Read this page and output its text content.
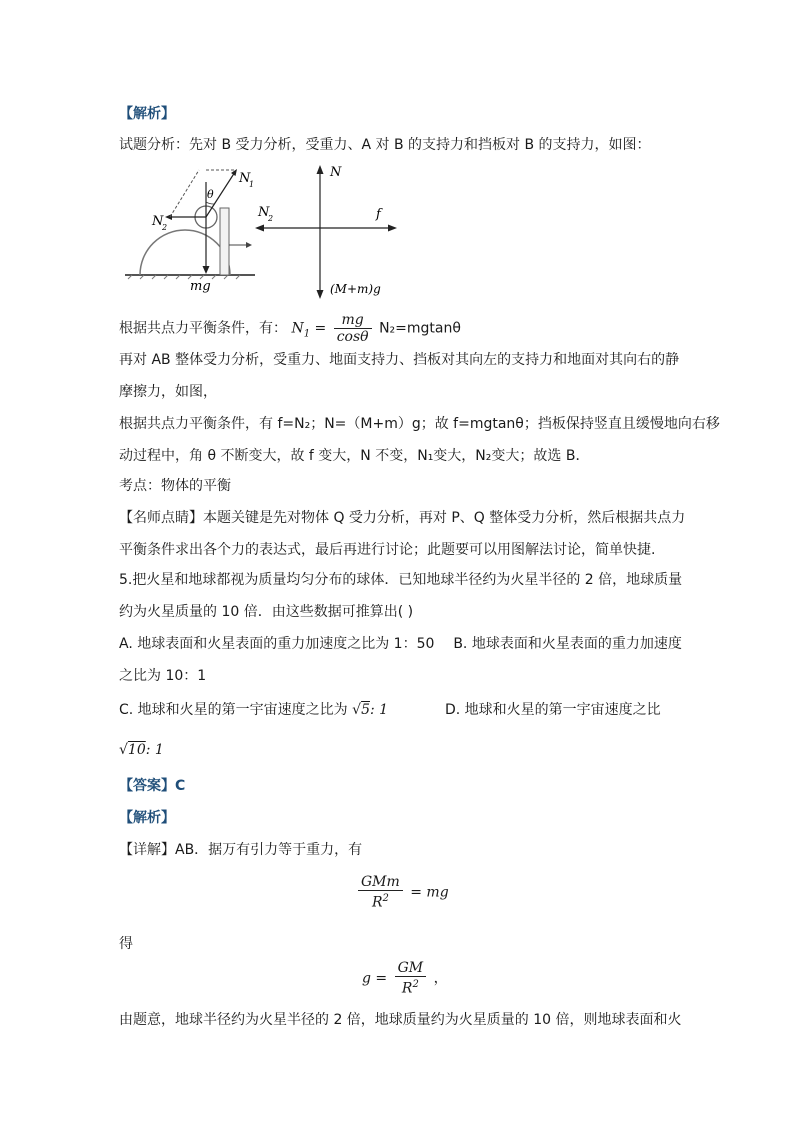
【解析】
试题分析：先对 B 受力分析，受重力、A 对 B 的支持力和挡板对 B 的支持力，如图：
θ
N
1
N
2
mg
N
N
2	f
(M+m)g
根据共点力平衡条件，有： $N_1 = \frac{mg}{\cos\theta} N_2=mgtan\theta$
再对 AB 整体受力分析，受重力、地面支持力、挡板对其向左的支持力和地面对其向右的静
摩擦力，如图，
根据共点力平衡条件，有 f=N₂；N=（M+m）g；故 f=mgtanθ；挡板保持竖直且缓慢地向右移
动过程中，角 θ 不断变大，故 f 变大，N 不变，N₁变大，N₂变大；故选 B．
考点：物体的平衡
【名师点睛】本题关键是先对物体 Q 受力分析，再对 P、Q 整体受力分析，然后根据共点力
平衡条件求出各个力的表达式，最后再进行讨论；此题要可以用图解法讨论，简单快捷.
5.把火星和地球都视为质量均匀分布的球体．已知地球半径约为火星半径的 2 倍，地球质量
约为火星质量的 10 倍．由这些数据可推算出( )
A. 地球表面和火星表面的重力加速度之比为 1：50 B. 地球表面和火星表面的重力加速度
之比为 10：1
C. 地球和火星的第一宇宙速度之比为 √5: 1	D. 地球和火星的第一宇宙速度之比
√10: 1
【答案】C
【解析】
【详解】AB．据万有引力等于重力，有
$\frac{\text{GMm}}{R^2}$ = mg
得
$g = \frac{GM}{R^2}$ ，
由题意，地球半径约为火星半径的 2 倍，地球质量约为火星质量的 10 倍，则地球表面和火
